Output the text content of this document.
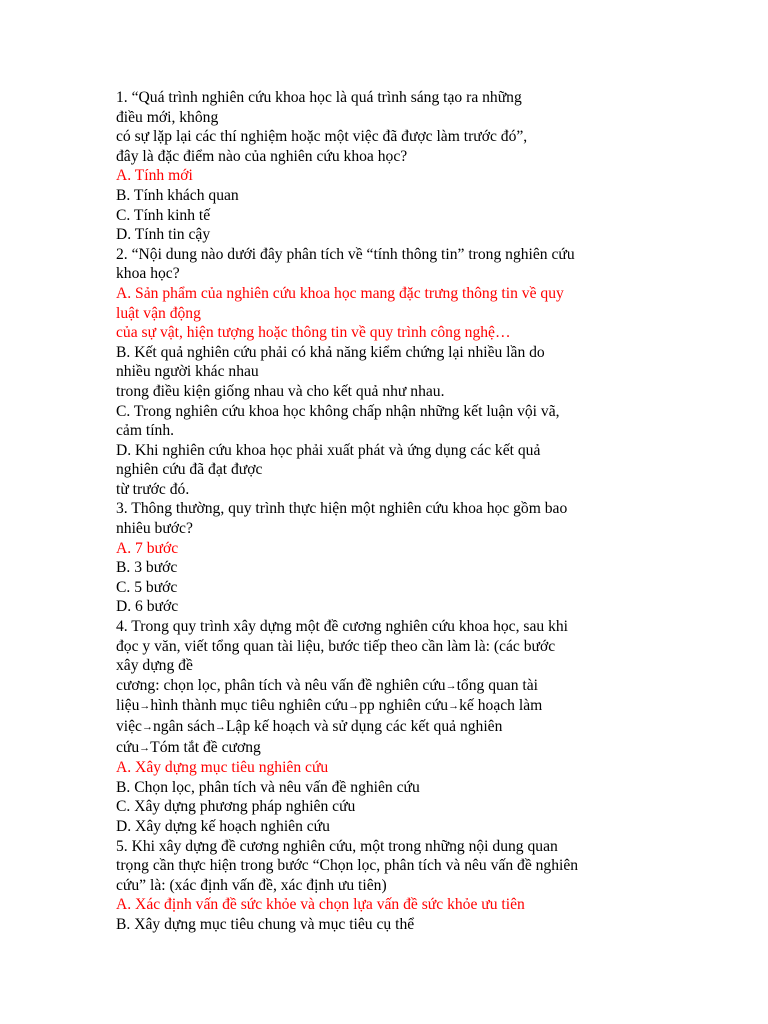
1. “Quá trình nghiên cứu khoa học là quá trình sáng tạo ra những
điều mới, không
có sự lặp lại các thí nghiệm hoặc một việc đã được làm trước đó”,
đây là đặc điểm nào của nghiên cứu khoa học?
A. Tính mới
B. Tính khách quan
C. Tính kinh tế
D. Tính tin cậy
2. “Nội dung nào dưới đây phân tích về “tính thông tin” trong nghiên cứu
khoa học?
A. Sản phẩm của nghiên cứu khoa học mang đặc trưng thông tin về quy
luật vận động
của sự vật, hiện tượng hoặc thông tin về quy trình công nghệ…
B. Kết quả nghiên cứu phải có khả năng kiểm chứng lại nhiều lần do
nhiều người khác nhau
trong điều kiện giống nhau và cho kết quả như nhau.
C. Trong nghiên cứu khoa học không chấp nhận những kết luận vội vã,
cảm tính.
D. Khi nghiên cứu khoa học phải xuất phát và ứng dụng các kết quả
nghiên cứu đã đạt được
từ trước đó.
3. Thông thường, quy trình thực hiện một nghiên cứu khoa học gồm bao
nhiêu bước?
A. 7 bước
B. 3 bước
C. 5 bước
D. 6 bước
4. Trong quy trình xây dựng một đề cương nghiên cứu khoa học, sau khi
đọc y văn, viết tổng quan tài liệu, bước tiếp theo cần làm là: (các bước
xây dựng đề
cương: chọn lọc, phân tích và nêu vấn đề nghiên cứu→tổng quan tài
liệu→hình thành mục tiêu nghiên cứu→pp nghiên cứu→kế hoạch làm
việc→ngân sách→Lập kế hoạch và sử dụng các kết quả nghiên
cứu→Tóm tắt đề cương
A. Xây dựng mục tiêu nghiên cứu
B. Chọn lọc, phân tích và nêu vấn đề nghiên cứu
C. Xây dựng phương pháp nghiên cứu
D. Xây dựng kế hoạch nghiên cứu
5. Khi xây dựng đề cương nghiên cứu, một trong những nội dung quan
trọng cần thực hiện trong bước “Chọn lọc, phân tích và nêu vấn đề nghiên
cứu” là: (xác định vấn đề, xác định ưu tiên)
A. Xác định vấn đề sức khỏe và chọn lựa vấn đề sức khỏe ưu tiên
B. Xây dựng mục tiêu chung và mục tiêu cụ thể
